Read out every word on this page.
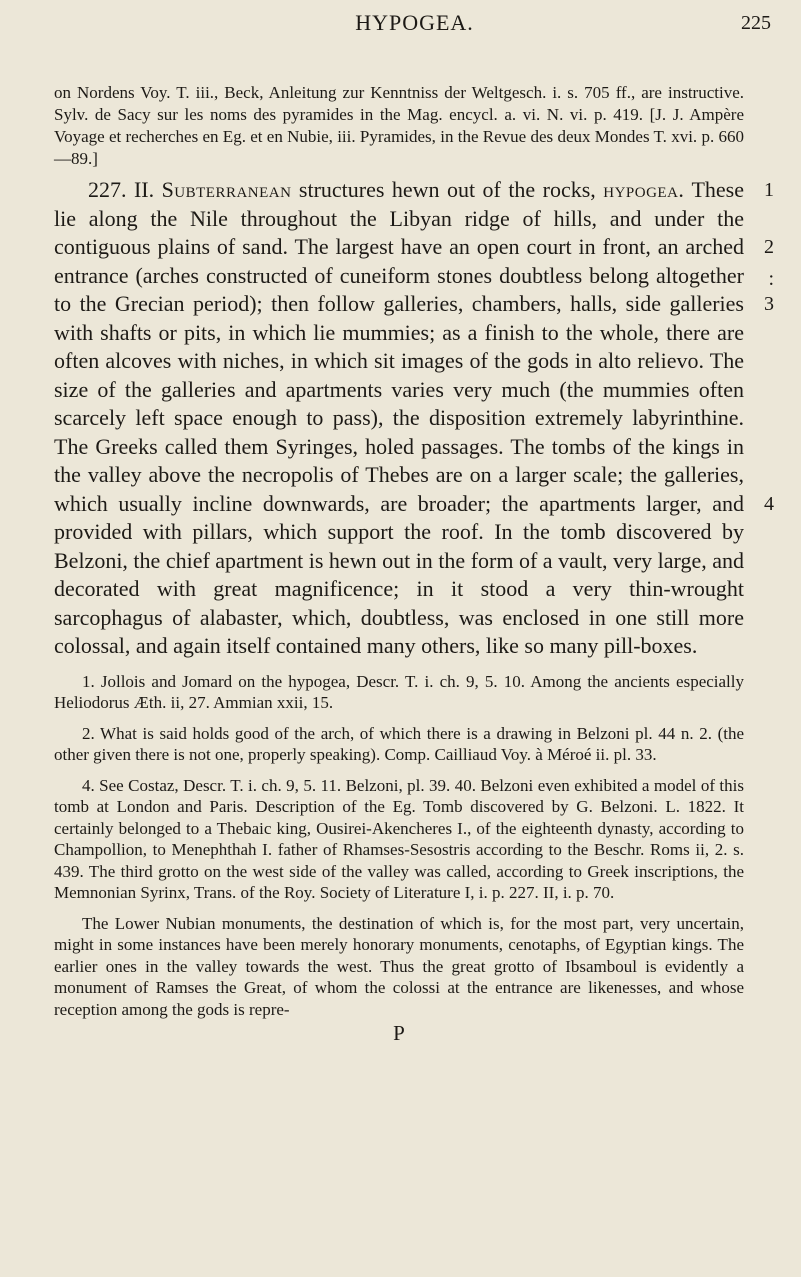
HYPOGEA.	225

on Nordens Voy. T. iii., Beck, Anleitung zur Kenntniss der Weltgesch. i. s. 705 ff., are instructive. Sylv. de Sacy sur les noms des pyramides in the Mag. encycl. a. vi. N. vi. p. 419. [J. J. Ampère Voyage et recherches en Eg. et en Nubie, iii. Pyramides, in the Revue des deux Mondes T. xvi. p. 660—89.]

227. II. Subterranean structures hewn out of the rocks, hypogea. These lie along the Nile throughout the Libyan ridge of hills, and under the contiguous plains of sand. The largest have an open court in front, an arched entrance (arches constructed of cuneiform stones doubtless belong altogether to the Grecian period); then follow galleries, chambers, halls, side galleries with shafts or pits, in which lie mummies; as a finish to the whole, there are often alcoves with niches, in which sit images of the gods in alto relievo. The size of the galleries and apartments varies very much (the mummies often scarcely left space enough to pass), the disposition extremely labyrinthine. The Greeks called them Syringes, holed passages. The tombs of the kings in the valley above the necropolis of Thebes are on a larger scale; the galleries, which usually incline downwards, are broader; the apartments larger, and provided with pillars, which support the roof. In the tomb discovered by Belzoni, the chief apartment is hewn out in the form of a vault, very large, and decorated with great magnificence; in it stood a very thin-wrought sarcophagus of alabaster, which, doubtless, was enclosed in one still more colossal, and again itself contained many others, like so many pill-boxes.

1
2
:
3
4

1. Jollois and Jomard on the hypogea, Descr. T. i. ch. 9, 5. 10. Among the ancients especially Heliodorus Æth. ii, 27. Ammian xxii, 15.

2. What is said holds good of the arch, of which there is a drawing in Belzoni pl. 44 n. 2. (the other given there is not one, properly speaking). Comp. Cailliaud Voy. à Méroé ii. pl. 33.

4. See Costaz, Descr. T. i. ch. 9, 5. 11. Belzoni, pl. 39. 40. Belzoni even exhibited a model of this tomb at London and Paris. Description of the Eg. Tomb discovered by G. Belzoni. L. 1822. It certainly belonged to a Thebaic king, Ousirei-Akencheres I., of the eighteenth dynasty, according to Champollion, to Menephthah I. father of Rhamses-Sesostris according to the Beschr. Roms ii, 2. s. 439. The third grotto on the west side of the valley was called, according to Greek inscriptions, the Memnonian Syrinx, Trans. of the Roy. Society of Literature I, i. p. 227. II, i. p. 70.

The Lower Nubian monuments, the destination of which is, for the most part, very uncertain, might in some instances have been merely honorary monuments, cenotaphs, of Egyptian kings. The earlier ones in the valley towards the west. Thus the great grotto of Ibsamboul is evidently a monument of Ramses the Great, of whom the colossi at the entrance are likenesses, and whose reception among the gods is repre-

P
